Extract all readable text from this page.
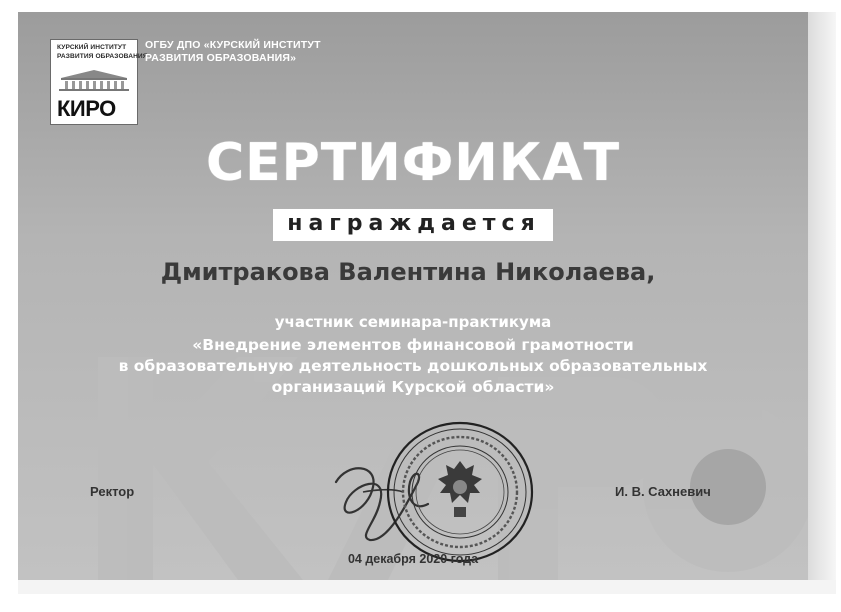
КУРСКИЙ ИНСТИТУТ
РАЗВИТИЯ ОБРАЗОВАНИЯ
КИРО
ОГБУ ДПО «КУРСКИЙ ИНСТИТУТ
РАЗВИТИЯ ОБРАЗОВАНИЯ»
СЕРТИФИКАТ
награждается
Дмитракова Валентина Николаева,
участник семинара-практикума
«Внедрение элементов финансовой грамотности
в образовательную деятельность дошкольных образовательных
организаций Курской области»
Ректор	И. В. Сахневич
04 декабря 2020 года
